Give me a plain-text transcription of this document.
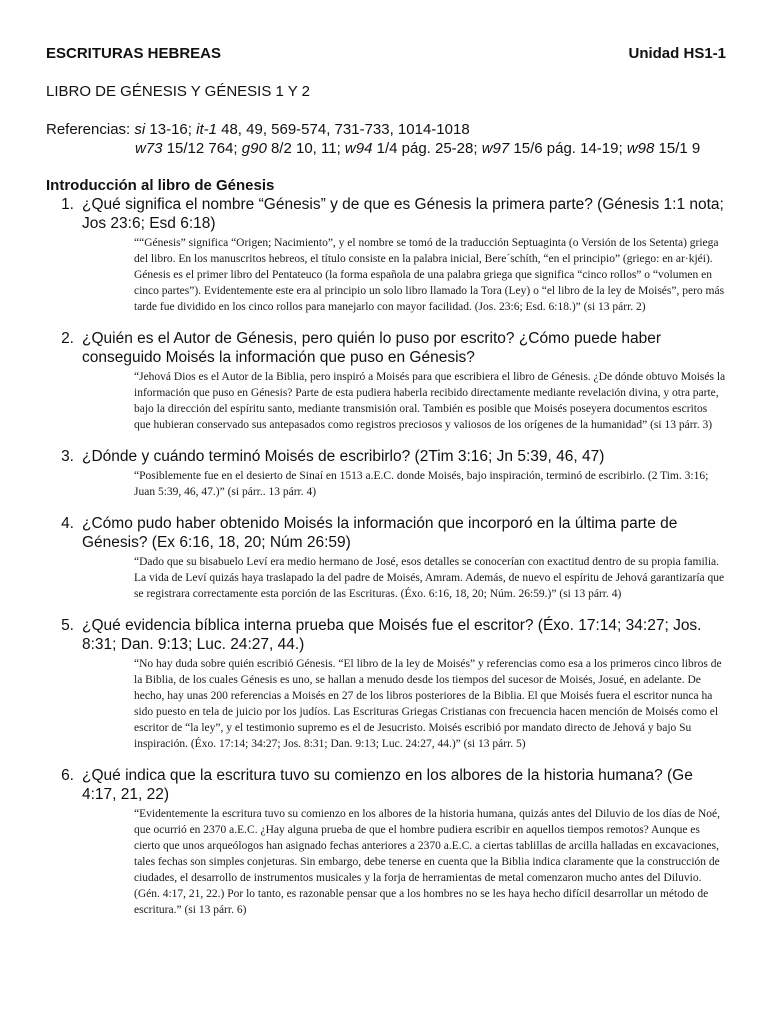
ESCRITURAS HEBREAS	Unidad HS1-1
LIBRO DE GÉNESIS Y GÉNESIS 1 Y 2
Referencias: si 13-16; it-1 48, 49, 569-574, 731-733, 1014-1018
w73 15/12 764; g90 8/2 10, 11; w94 1/4 pág. 25-28; w97 15/6 pág. 14-19; w98 15/1 9
Introducción al libro de Génesis
1. ¿Qué significa el nombre “Génesis” y de que es Génesis la primera parte? (Génesis 1:1 nota; Jos 23:6; Esd 6:18)
““Génesis” significa “Origen; Nacimiento”, y el nombre se tomó de la traducción Septuaginta (o Versión de los Setenta) griega del libro. En los manuscritos hebreos, el título consiste en la palabra inicial, Bere´schíth, “en el principio” (griego: en ar·kjéi). Génesis es el primer libro del Pentateuco (la forma española de una palabra griega que significa “cinco rollos” o “volumen en cinco partes”). Evidentemente este era al principio un solo libro llamado la Tora (Ley) o “el libro de la ley de Moisés”, pero más tarde fue dividido en los cinco rollos para manejarlo con mayor facilidad. (Jos. 23:6; Esd. 6:18.)” (si 13 párr. 2)
2. ¿Quién es el Autor de Génesis, pero quién lo puso por escrito? ¿Cómo puede haber conseguido Moisés la información que puso en Génesis?
“Jehová Dios es el Autor de la Biblia, pero inspiró a Moisés para que escribiera el libro de Génesis. ¿De dónde obtuvo Moisés la información que puso en Génesis? Parte de esta pudiera haberla recibido directamente mediante revelación divina, y otra parte, bajo la dirección del espíritu santo, mediante transmisión oral. También es posible que Moisés poseyera documentos escritos que hubieran conservado sus antepasados como registros preciosos y valiosos de los orígenes de la humanidad” (si 13 párr. 3)
3. ¿Dónde y cuándo terminó Moisés de escribirlo? (2Tim 3:16; Jn 5:39, 46, 47)
“Posiblemente fue en el desierto de Sinaí en 1513 a.E.C. donde Moisés, bajo inspiración, terminó de escribirlo. (2 Tim. 3:16; Juan 5:39, 46, 47.)” (si párr.. 13 párr. 4)
4. ¿Cómo pudo haber obtenido Moisés la información que incorporó en la última parte de Génesis? (Ex 6:16, 18, 20; Núm 26:59)
“Dado que su bisabuelo Leví era medio hermano de José, esos detalles se conocerían con exactitud dentro de su propia familia. La vida de Leví quizás haya traslapado la del padre de Moisés, Amram. Además, de nuevo el espíritu de Jehová garantizaría que se registrara correctamente esta porción de las Escrituras. (Éxo. 6:16, 18, 20; Núm. 26:59.)” (si 13 párr. 4)
5. ¿Qué evidencia bíblica interna prueba que Moisés fue el escritor? (Éxo. 17:14; 34:27; Jos. 8:31; Dan. 9:13; Luc. 24:27, 44.)
“No hay duda sobre quién escribió Génesis. “El libro de la ley de Moisés” y referencias como esa a los primeros cinco libros de la Biblia, de los cuales Génesis es uno, se hallan a menudo desde los tiempos del sucesor de Moisés, Josué, en adelante. De hecho, hay unas 200 referencias a Moisés en 27 de los libros posteriores de la Biblia. El que Moisés fuera el escritor nunca ha sido puesto en tela de juicio por los judíos. Las Escrituras Griegas Cristianas con frecuencia hacen mención de Moisés como el escritor de “la ley”, y el testimonio supremo es el de Jesucristo. Moisés escribió por mandato directo de Jehová y bajo Su inspiración. (Éxo. 17:14; 34:27; Jos. 8:31; Dan. 9:13; Luc. 24:27, 44.)” (si 13 párr. 5)
6. ¿Qué indica que la escritura tuvo su comienzo en los albores de la historia humana? (Ge 4:17, 21, 22)
“Evidentemente la escritura tuvo su comienzo en los albores de la historia humana, quizás antes del Diluvio de los días de Noé, que ocurrió en 2370 a.E.C. ¿Hay alguna prueba de que el hombre pudiera escribir en aquellos tiempos remotos? Aunque es cierto que unos arqueólogos han asignado fechas anteriores a 2370 a.E.C. a ciertas tablillas de arcilla halladas en excavaciones, tales fechas son simples conjeturas. Sin embargo, debe tenerse en cuenta que la Biblia indica claramente que la construcción de ciudades, el desarrollo de instrumentos musicales y la forja de herramientas de metal comenzaron mucho antes del Diluvio. (Gén. 4:17, 21, 22.) Por lo tanto, es razonable pensar que a los hombres no se les haya hecho difícil desarrollar un método de escritura.” (si 13 párr. 6)
